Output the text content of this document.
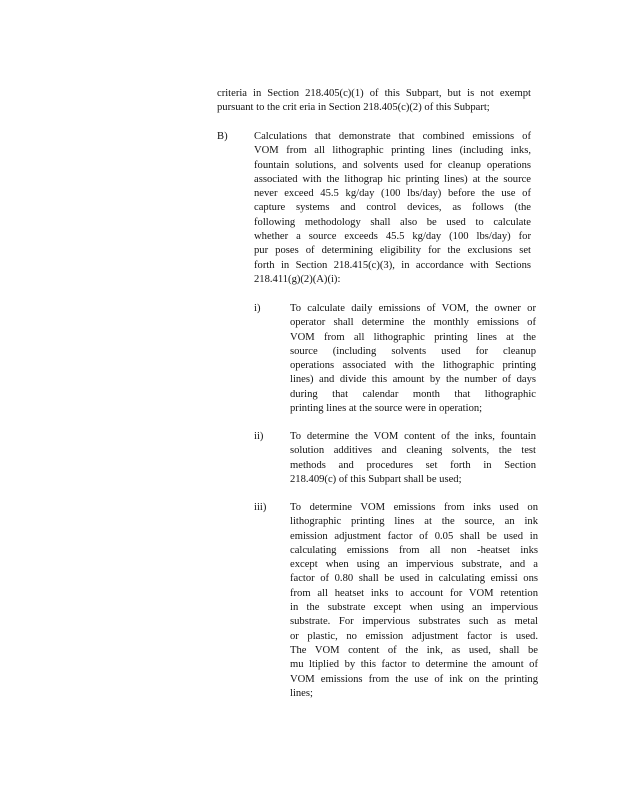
criteria in Section 218.405(c)(1) of this Subpart, but is not exempt
pursuant to the crit eria in Section 218.405(c)(2) of this Subpart;
B) Calculations that demonstrate that combined emissions of
VOM from all lithographic printing lines (including inks,
fountain solutions, and solvents used for cleanup operations
associated with the lithograp hic printing lines) at the source
never exceed 45.5 kg/day (100 lbs/day) before the use of
capture systems and control devices, as follows (the
following methodology shall also be used to calculate
whether a source exceeds 45.5 kg/day (100 lbs/day) for
pur poses of determining eligibility for the exclusions set
forth in Section 218.415(c)(3), in accordance with Sections
218.411(g)(2)(A)(i):
i)	To calculate daily emissions of VOM, the owner or
operator shall determine the monthly emissions of
VOM from all lithographic printing lines at the
source (including solvents used for cleanup
operations associated with the lithographic printing
lines) and divide this amount by the number of days
during that calendar month that lithographic
printing lines at the source were in operation;
ii)	To determine the VOM content of the inks, fountain
solution additives and cleaning solvents, the test
methods and procedures set forth in Section
218.409(c) of this Subpart shall be used;
iii) To determine VOM emissions from inks used on
lithographic printing lines at the source, an ink
emission adjustment factor of 0.05 shall be used in
calculating emissions from all non -heatset inks
except when using an impervious substrate, and a
factor of 0.80 shall be used in calculating emissi ons
from all heatset inks to account for VOM retention
in the substrate except when using an impervious
substrate. For impervious substrates such as metal
or plastic, no emission adjustment factor is used.
The VOM content of the ink, as used, shall be
mu ltiplied by this factor to determine the amount of
VOM emissions from the use of ink on the printing
lines;
